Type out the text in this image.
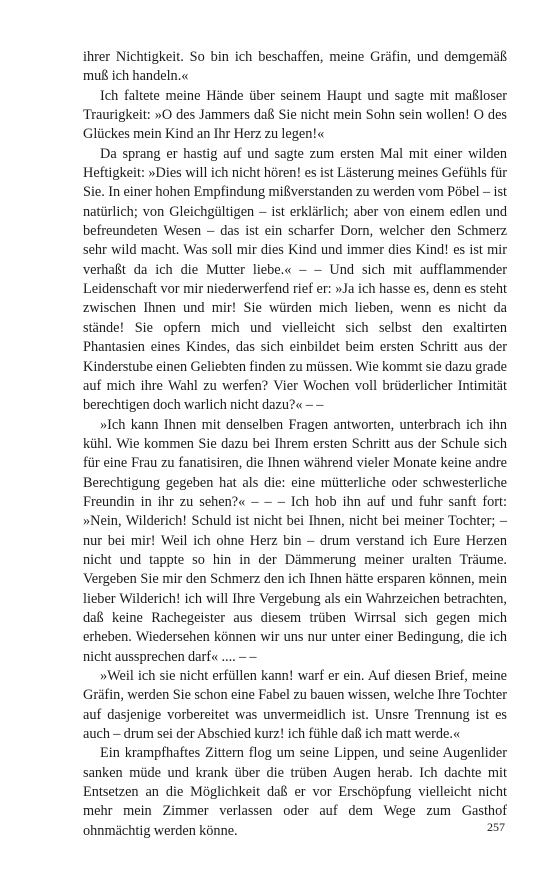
ihrer Nichtigkeit. So bin ich beschaffen, meine Gräfin, und demgemäß muß ich handeln.«

Ich faltete meine Hände über seinem Haupt und sagte mit maßloser Traurigkeit: »O des Jammers daß Sie nicht mein Sohn sein wollen! O des Glückes mein Kind an Ihr Herz zu legen!«

Da sprang er hastig auf und sagte zum ersten Mal mit einer wilden Heftigkeit: »Dies will ich nicht hören! es ist Lästerung meines Gefühls für Sie. In einer hohen Empfindung mißverstanden zu werden vom Pöbel – ist natürlich; von Gleichgültigen – ist erklärlich; aber von einem edlen und befreundeten Wesen – das ist ein scharfer Dorn, welcher den Schmerz sehr wild macht. Was soll mir dies Kind und immer dies Kind! es ist mir verhaßt da ich die Mutter liebe.« – – Und sich mit aufflammender Leidenschaft vor mir niederwerfend rief er: »Ja ich hasse es, denn es steht zwischen Ihnen und mir! Sie würden mich lieben, wenn es nicht da stände! Sie opfern mich und vielleicht sich selbst den exaltirten Phantasien eines Kindes, das sich einbildet beim ersten Schritt aus der Kinderstube einen Geliebten finden zu müssen. Wie kommt sie dazu grade auf mich ihre Wahl zu werfen? Vier Wochen voll brüderlicher Intimität berechtigen doch warlich nicht dazu?« – –

»Ich kann Ihnen mit denselben Fragen antworten, unterbrach ich ihn kühl. Wie kommen Sie dazu bei Ihrem ersten Schritt aus der Schule sich für eine Frau zu fanatisiren, die Ihnen während vieler Monate keine andre Berechtigung gegeben hat als die: eine mütterliche oder schwesterliche Freundin in ihr zu sehen?« – – – Ich hob ihn auf und fuhr sanft fort: »Nein, Wilderich! Schuld ist nicht bei Ihnen, nicht bei meiner Tochter; – nur bei mir! Weil ich ohne Herz bin – drum verstand ich Eure Herzen nicht und tappte so hin in der Dämmerung meiner uralten Träume. Vergeben Sie mir den Schmerz den ich Ihnen hätte ersparen können, mein lieber Wilderich! ich will Ihre Vergebung als ein Wahrzeichen betrachten, daß keine Rachegeister aus diesem trüben Wirrsal sich gegen mich erheben. Wiedersehen können wir uns nur unter einer Bedingung, die ich nicht aussprechen darf« .... – –

»Weil ich sie nicht erfüllen kann! warf er ein. Auf diesen Brief, meine Gräfin, werden Sie schon eine Fabel zu bauen wissen, welche Ihre Tochter auf dasjenige vorbereitet was unvermeidlich ist. Unsre Trennung ist es auch – drum sei der Abschied kurz! ich fühle daß ich matt werde.«

Ein krampfhaftes Zittern flog um seine Lippen, und seine Augenlider sanken müde und krank über die trüben Augen herab. Ich dachte mit Entsetzen an die Möglichkeit daß er vor Erschöpfung vielleicht nicht mehr mein Zimmer verlassen oder auf dem Wege zum Gasthof ohnmächtig werden könne.	257
